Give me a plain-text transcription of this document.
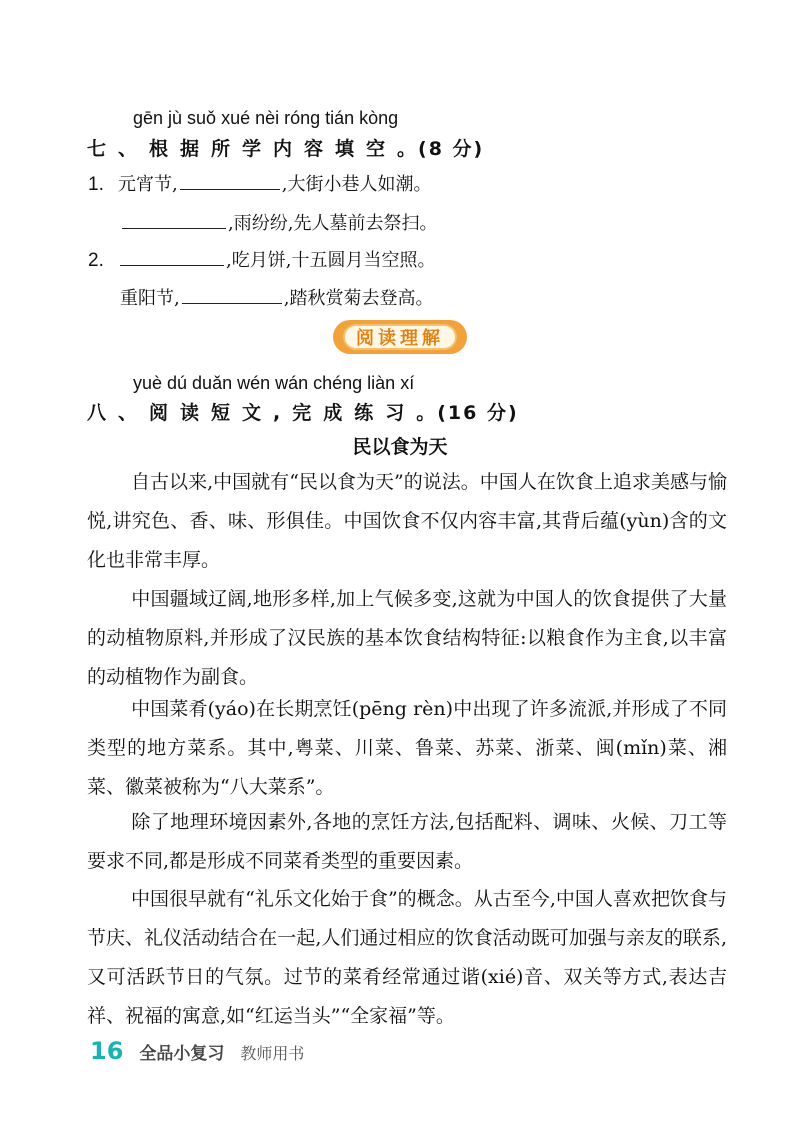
gēn jù suǒ xué nèi róng tián kòng
七、根据所学内容填空。(8 分)
1. 元宵节,	,大街小巷人如潮。
,雨纷纷,先人墓前去祭扫。
2.	,吃月饼,十五圆月当空照。
重阳节,	,踏秋赏菊去登高。
阅读理解
yuè dú duǎn wén wán chéng liàn xí
八、阅读短文,完成练习。(16 分)
民以食为天
自古以来,中国就有“民以食为天”的说法。中国人在饮食上追求美感与愉悦,讲究色、香、味、形俱佳。中国饮食不仅内容丰富,其背后蕴(yùn)含的文化也非常丰厚。
中国疆域辽阔,地形多样,加上气候多变,这就为中国人的饮食提供了大量的动植物原料,并形成了汉民族的基本饮食结构特征:以粮食作为主食,以丰富的动植物作为副食。
中国菜肴(yáo)在长期烹饪(pēng rèn)中出现了许多流派,并形成了不同类型的地方菜系。其中,粤菜、川菜、鲁菜、苏菜、浙菜、闽(mǐn)菜、湘菜、徽菜被称为“八大菜系”。
除了地理环境因素外,各地的烹饪方法,包括配料、调味、火候、刀工等要求不同,都是形成不同菜肴类型的重要因素。
中国很早就有“礼乐文化始于食”的概念。从古至今,中国人喜欢把饮食与节庆、礼仪活动结合在一起,人们通过相应的饮食活动既可加强与亲友的联系,又可活跃节日的气氛。过节的菜肴经常通过谐(xié)音、双关等方式,表达吉祥、祝福的寓意,如“红运当头”“全家福”等。
16 全品小复习 教师用书
